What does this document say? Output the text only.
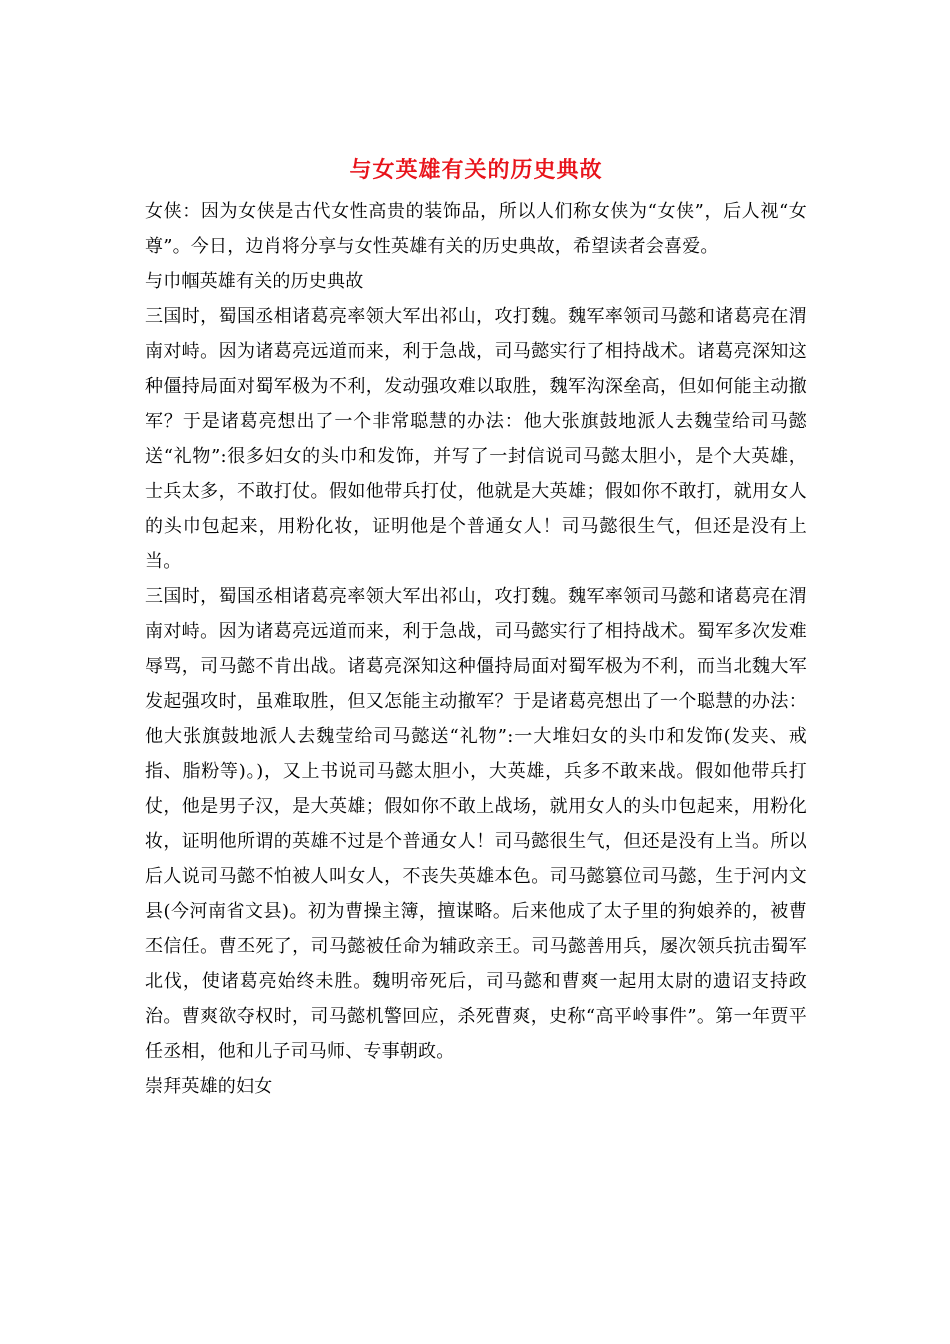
与女英雄有关的历史典故

女侠：因为女侠是古代女性高贵的装饰品，所以人们称女侠为“女侠”，后人视“女尊”。今日，边肖将分享与女性英雄有关的历史典故，希望读者会喜爱。

与巾帼英雄有关的历史典故

三国时，蜀国丞相诸葛亮率领大军出祁山，攻打魏。魏军率领司马懿和诸葛亮在渭南对峙。因为诸葛亮远道而来，利于急战，司马懿实行了相持战术。诸葛亮深知这种僵持局面对蜀军极为不利，发动强攻难以取胜，魏军沟深垒高，但如何能主动撤军？于是诸葛亮想出了一个非常聪慧的办法：他大张旗鼓地派人去魏莹给司马懿送“礼物”:很多妇女的头巾和发饰，并写了一封信说司马懿太胆小，是个大英雄，士兵太多，不敢打仗。假如他带兵打仗，他就是大英雄；假如你不敢打，就用女人的头巾包起来，用粉化妆，证明他是个普通女人！司马懿很生气，但还是没有上当。

三国时，蜀国丞相诸葛亮率领大军出祁山，攻打魏。魏军率领司马懿和诸葛亮在渭南对峙。因为诸葛亮远道而来，利于急战，司马懿实行了相持战术。蜀军多次发难辱骂，司马懿不肯出战。诸葛亮深知这种僵持局面对蜀军极为不利，而当北魏大军发起强攻时，虽难取胜，但又怎能主动撤军？于是诸葛亮想出了一个聪慧的办法：他大张旗鼓地派人去魏莹给司马懿送“礼物”:一大堆妇女的头巾和发饰(发夹、戒指、脂粉等)。)，又上书说司马懿太胆小，大英雄，兵多不敢来战。假如他带兵打仗，他是男子汉，是大英雄；假如你不敢上战场，就用女人的头巾包起来，用粉化妆，证明他所谓的英雄不过是个普通女人！司马懿很生气，但还是没有上当。所以后人说司马懿不怕被人叫女人，不丧失英雄本色。司马懿篡位司马懿，生于河内文县(今河南省文县)。初为曹操主簿，擅谋略。后来他成了太子里的狗娘养的，被曹丕信任。曹丕死了，司马懿被任命为辅政亲王。司马懿善用兵，屡次领兵抗击蜀军北伐，使诸葛亮始终未胜。魏明帝死后，司马懿和曹爽一起用太尉的遗诏支持政治。曹爽欲夺权时，司马懿机警回应，杀死曹爽，史称“高平岭事件”。第一年贾平任丞相，他和儿子司马师、专事朝政。

崇拜英雄的妇女
